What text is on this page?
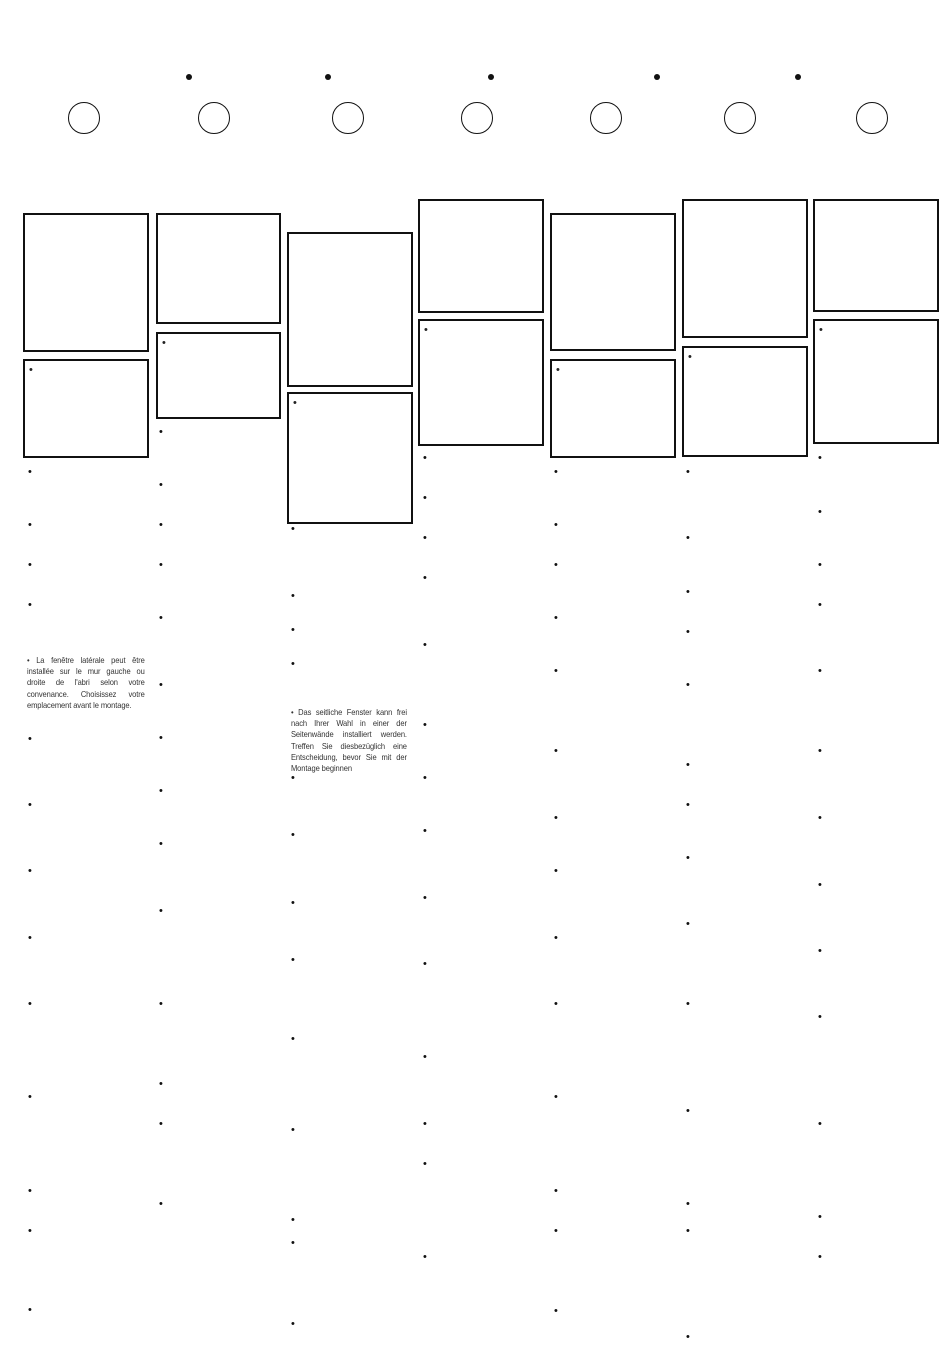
•
•
•
•
•
• La fenêtre latérale peut être installée sur le mur gauche ou droite de l'abri selon votre convenance. Choisissez votre emplacement avant le montage.
•
•
•
•
•
•
•
•
•
•
•
•
•
•
•
•
•
•
•
•
•
•
•
•
•
•
•
•
•
• Das seitliche Fenster kann frei nach Ihrer Wahl in einer der Seitenwände installiert werden. Treffen Sie diesbezüglich eine Entscheidung, bevor Sie mit der Montage beginnen
•
•
•
•
•
•
•
•
•
•
•
•
•
•
•
•
•
•
•
•
•
•
•
•
•
•
•
•
•
•
•
•
•
•
•
•
•
•
•
•
•
•
•
•
•
•
•
•
•
•
•
•
•
•
•
•
•
•
•
•
•
•
•
•
•
•
•
•
